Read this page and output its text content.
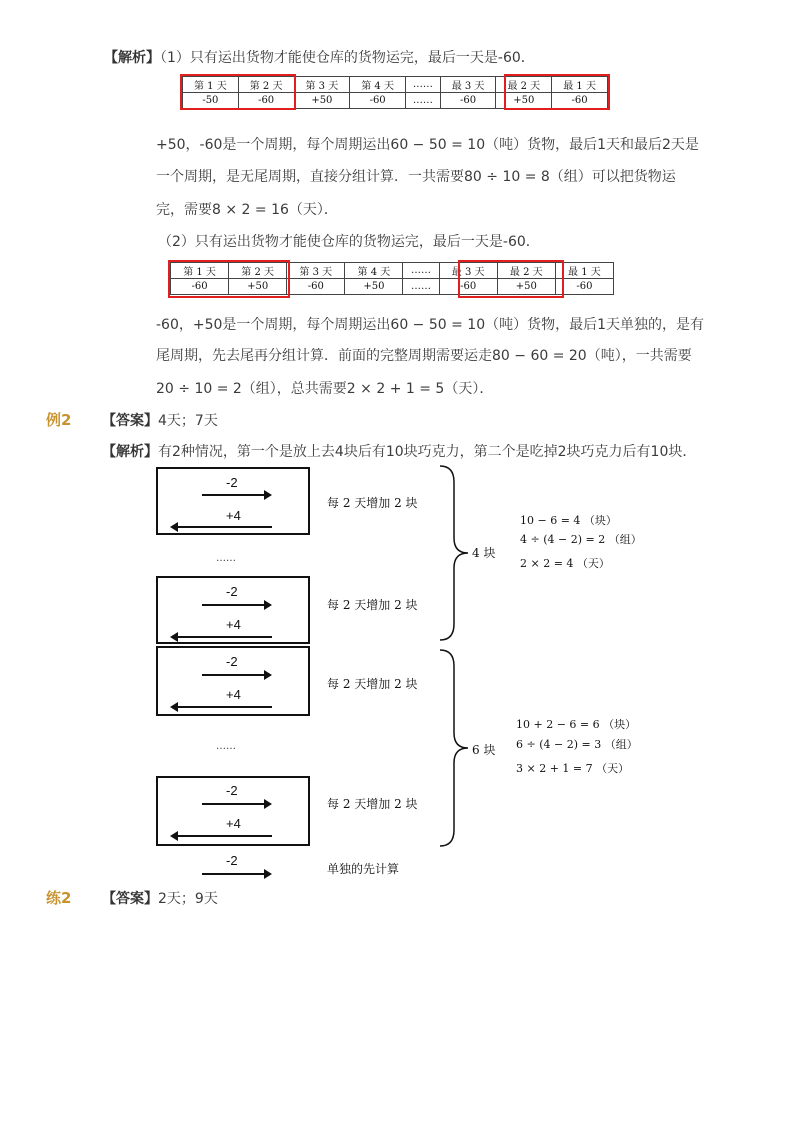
【解析】（1）只有运出货物才能使仓库的货物运完，最后一天是-60．
第 1 天	第 2 天	第 3 天	第 4 天	……	最 3 天	最 2 天	最 1 天
-50	-60	+50	-60	……	-60	+50	-60
+50，-60是一个周期，每个周期运出60 − 50 = 10（吨）货物，最后1天和最后2天是
一个周期，是无尾周期，直接分组计算．一共需要80 ÷ 10 = 8（组）可以把货物运
完，需要8 × 2 = 16（天）．
（2）只有运出货物才能使仓库的货物运完，最后一天是-60．
第 1 天	第 2 天	第 3 天	第 4 天	……	最 3 天	最 2 天	最 1 天
-60	+50	-60	+50	……	-60	+50	-60
-60，+50是一个周期，每个周期运出60 − 50 = 10（吨）货物，最后1天单独的，是有
尾周期，先去尾再分组计算．前面的完整周期需要运走80 − 60 = 20（吨），一共需要
20 ÷ 10 = 2（组），总共需要2 × 2 + 1 = 5（天）．
例2 【答案】4天；7天
【解析】有2种情况，第一个是放上去4块后有10块巧克力，第二个是吃掉2块巧克力后有10块．
-2
+4
每 2 天增加 2 块
……
-2
+4
每 2 天增加 2 块
-2
+4
每 2 天增加 2 块
……
-2
+4
每 2 天增加 2 块
-2
单独的先计算
4 块
6 块
10 − 6 = 4 （块）
4 ÷ (4 − 2) = 2 （组）
2 × 2 = 4 （天）
10 + 2 − 6 = 6 （块）
6 ÷ (4 − 2) = 3 （组）
3 × 2 + 1 = 7 （天）
练2 【答案】2天；9天
